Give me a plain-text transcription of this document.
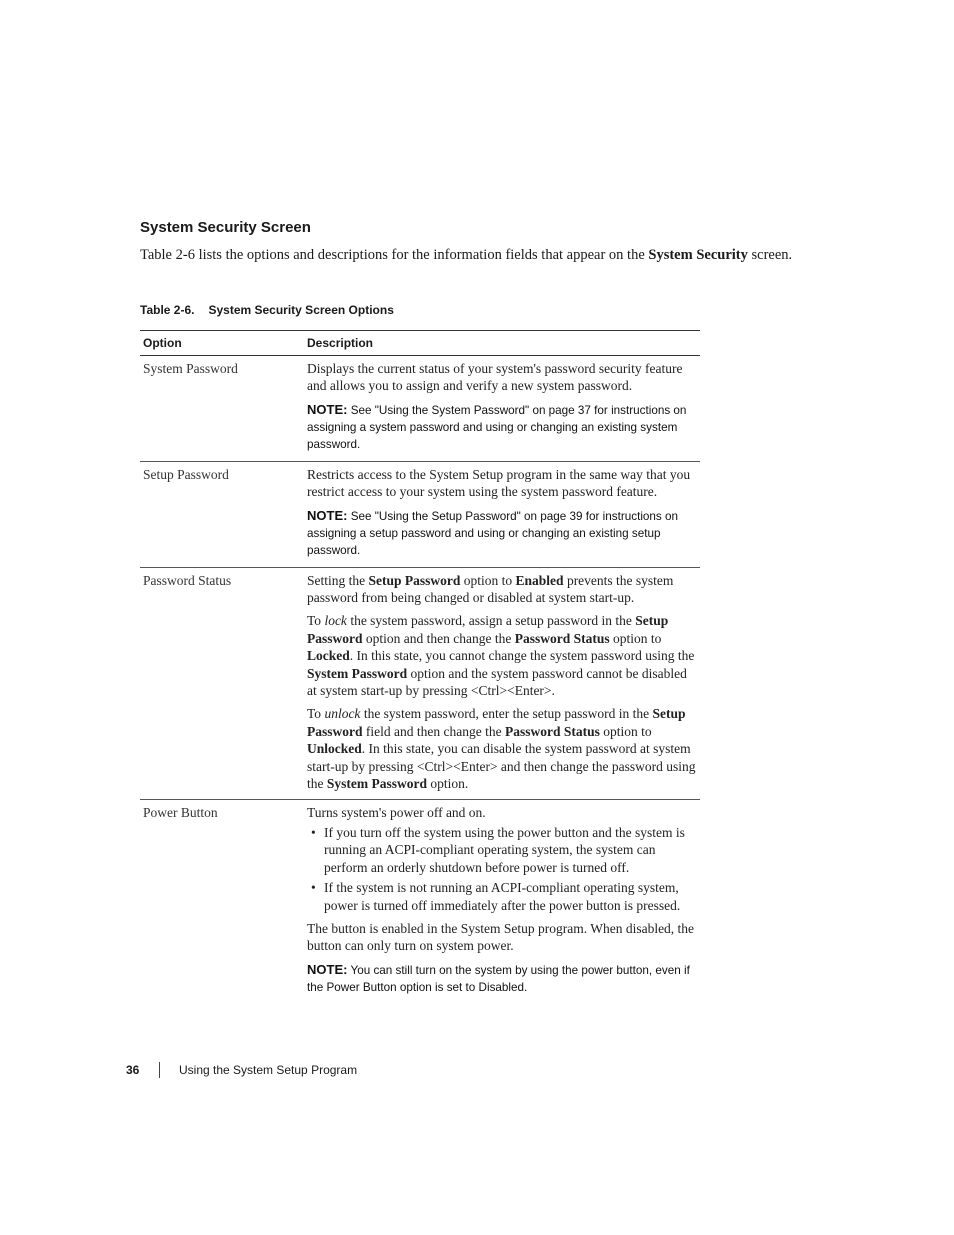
System Security Screen
Table 2-6 lists the options and descriptions for the information fields that appear on the System Security screen.
Table 2-6. System Security Screen Options
Option	Description
System Password	Displays the current status of your system's password security feature and allows you to assign and verify a new system password.

NOTE: See "Using the System Password" on page 37 for instructions on assigning a system password and using or changing an existing system password.

Setup Password	Restricts access to the System Setup program in the same way that you restrict access to your system using the system password feature.

NOTE: See "Using the Setup Password" on page 39 for instructions on assigning a setup password and using or changing an existing setup password.

Password Status	Setting the Setup Password option to Enabled prevents the system password from being changed or disabled at system start-up.

To lock the system password, assign a setup password in the Setup Password option and then change the Password Status option to Locked. In this state, you cannot change the system password using the System Password option and the system password cannot be disabled at system start-up by pressing <Ctrl><Enter>.

To unlock the system password, enter the setup password in the Setup Password field and then change the Password Status option to Unlocked. In this state, you can disable the system password at system start-up by pressing <Ctrl><Enter> and then change the password using the System Password option.

Power Button	Turns system's power off and on.

• If you turn off the system using the power button and the system is running an ACPI-compliant operating system, the system can perform an orderly shutdown before power is turned off.
• If the system is not running an ACPI-compliant operating system, power is turned off immediately after the power button is pressed.

The button is enabled in the System Setup program. When disabled, the button can only turn on system power.

NOTE: You can still turn on the system by using the power button, even if the Power Button option is set to Disabled.

36	Using the System Setup Program
